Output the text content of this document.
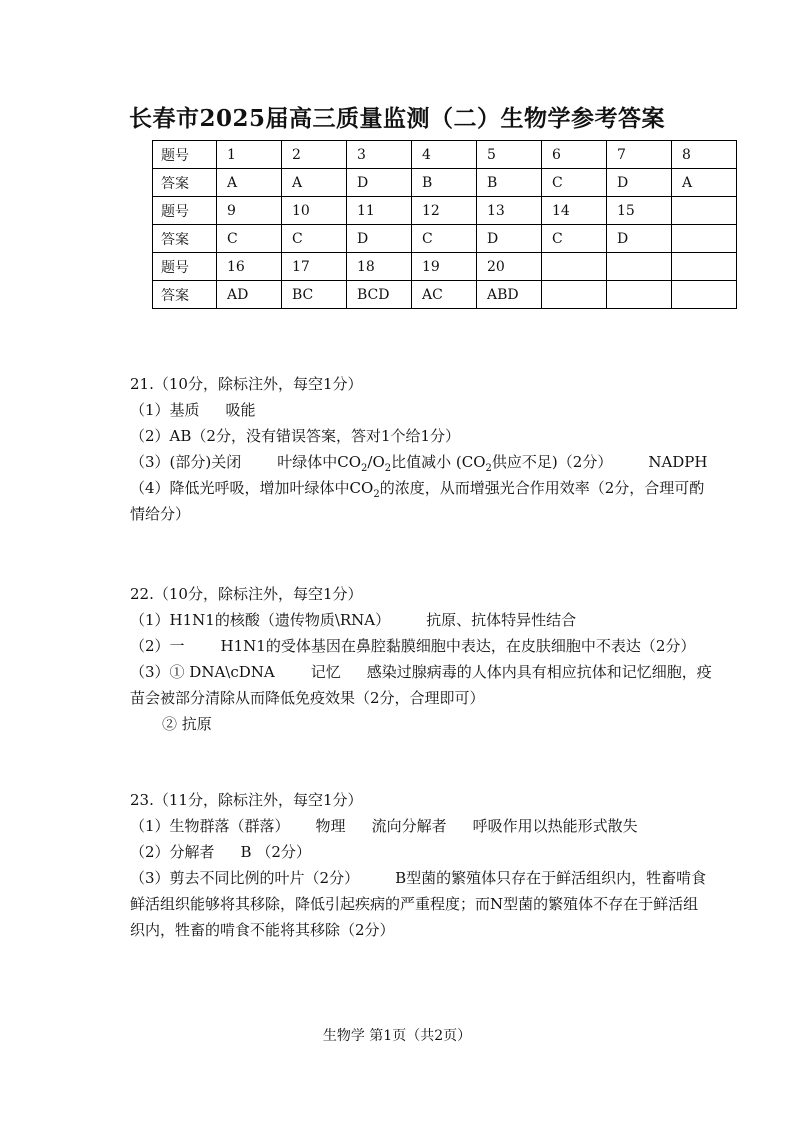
长春市2025届高三质量监测（二）生物学参考答案
题号	1	2	3	4	5	6	7	8
答案	A	A	D	B	B	C	D	A
题号	9	10	11	12	13	14	15	
答案	C	C	D	C	D	C	D	
题号	16	17	18	19	20			
答案	AD	BC	BCD	AC	ABD			
21.（10分，除标注外，每空1分）
（1）基质 吸能
（2）AB（2分，没有错误答案，答对1个给1分）
（3）(部分)关闭 叶绿体中$CO_2/O_2$比值减小 ($CO_2$供应不足)（2分） NADPH
（4）降低光呼吸，增加叶绿体中$CO_2$的浓度，从而增强光合作用效率（2分，合理可酌
情给分）
22.（10分，除标注外，每空1分）
（1）H1N1的核酸（遗传物质\RNA） 抗原、抗体特异性结合
（2）一 H1N1的受体基因在鼻腔黏膜细胞中表达，在皮肤细胞中不表达（2分）
（3）① DNA\cDNA 记忆 感染过腺病毒的人体内具有相应抗体和记忆细胞，疫
苗会被部分清除从而降低免疫效果（2分，合理即可）
② 抗原
23.（11分，除标注外，每空1分）
（1）生物群落（群落） 物理 流向分解者 呼吸作用以热能形式散失
（2）分解者 B （2分）
（3）剪去不同比例的叶片（2分） B型菌的繁殖体只存在于鲜活组织内，牲畜啃食
鲜活组织能够将其移除，降低引起疾病的严重程度；而N型菌的繁殖体不存在于鲜活组
织内，牲畜的啃食不能将其移除（2分）
生物学 第1页（共2页）
